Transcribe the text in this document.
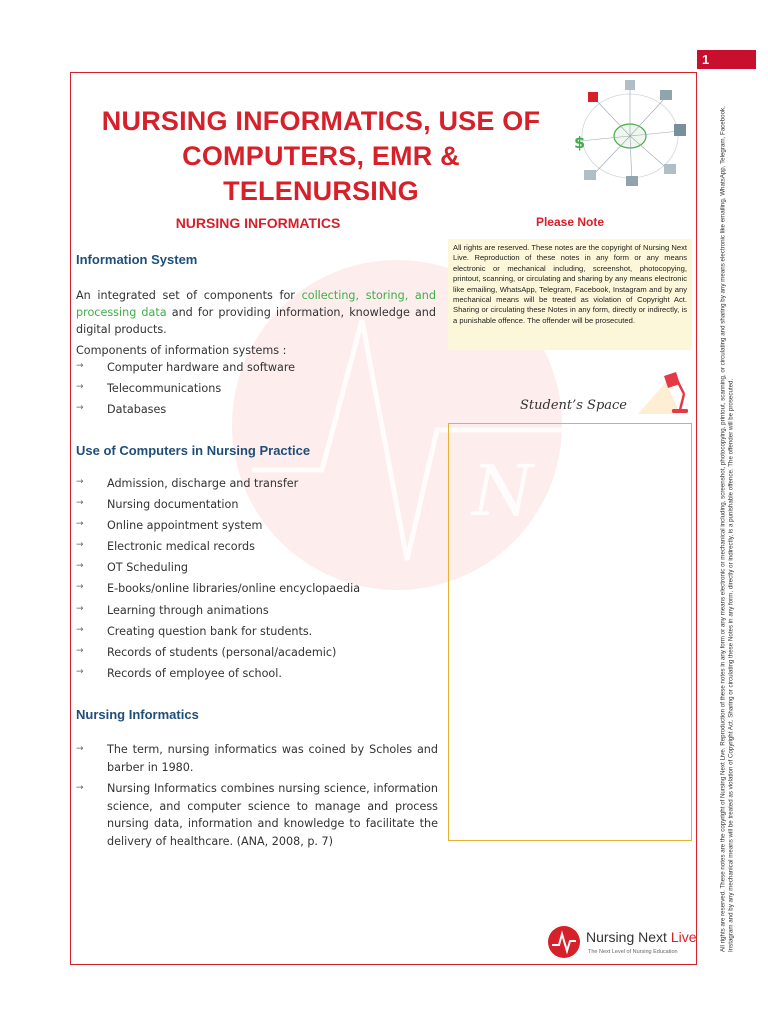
1
All rights are reserved. These notes are the copyright of Nursing Next Live. Reproduction of these notes in any form or any means electronic or mechanical including, screenshot, photocopying, printout, scanning, or circulating and sharing by any means electronic like emailing, WhatsApp, Telegram, Facebook, Instagram and by any mechanical means will be treated as violation of Copyright Act. Sharing or circulating these Notes in any form, directly or indirectly, is a punishable offence. The offender will be prosecuted.
N
NURSING INFORMATICS, USE OF
COMPUTERS, EMR & TELENURSING
$
NURSING INFORMATICS
Information System
An integrated set of components for collecting, storing, and processing data and for providing information, knowledge and digital products.
Components of information systems :
→ Computer hardware and software
→ Telecommunications
→ Databases
Use of Computers in Nursing Practice
→ Admission, discharge and transfer
→ Nursing documentation
→ Online appointment system
→ Electronic medical records
→ OT Scheduling
→ E-books/online libraries/online encyclopaedia
→ Learning through animations
→ Creating question bank for students.
→ Records of students (personal/academic)
→ Records of employee of school.
Nursing Informatics
→ The term, nursing informatics was coined by Scholes and barber in 1980.
→ Nursing Informatics combines nursing science, information science, and computer science to manage and process nursing data, information and knowledge to facilitate the delivery of healthcare. (ANA, 2008, p. 7)
Please Note
All rights are reserved. These notes are the copyright of Nursing Next Live. Reproduction of these notes in any form or any means electronic or mechanical including, screenshot, photocopying, printout, scanning, or circulating and sharing by any means electronic like emailing, WhatsApp, Telegram, Facebook, Instagram and by any mechanical means will be treated as violation of Copyright Act. Sharing or circulating these Notes in any form, directly or indirectly, is a punishable offence. The offender will be prosecuted.
Student’s Space
Nursing Next Live
The Next Level of Nursing Education
